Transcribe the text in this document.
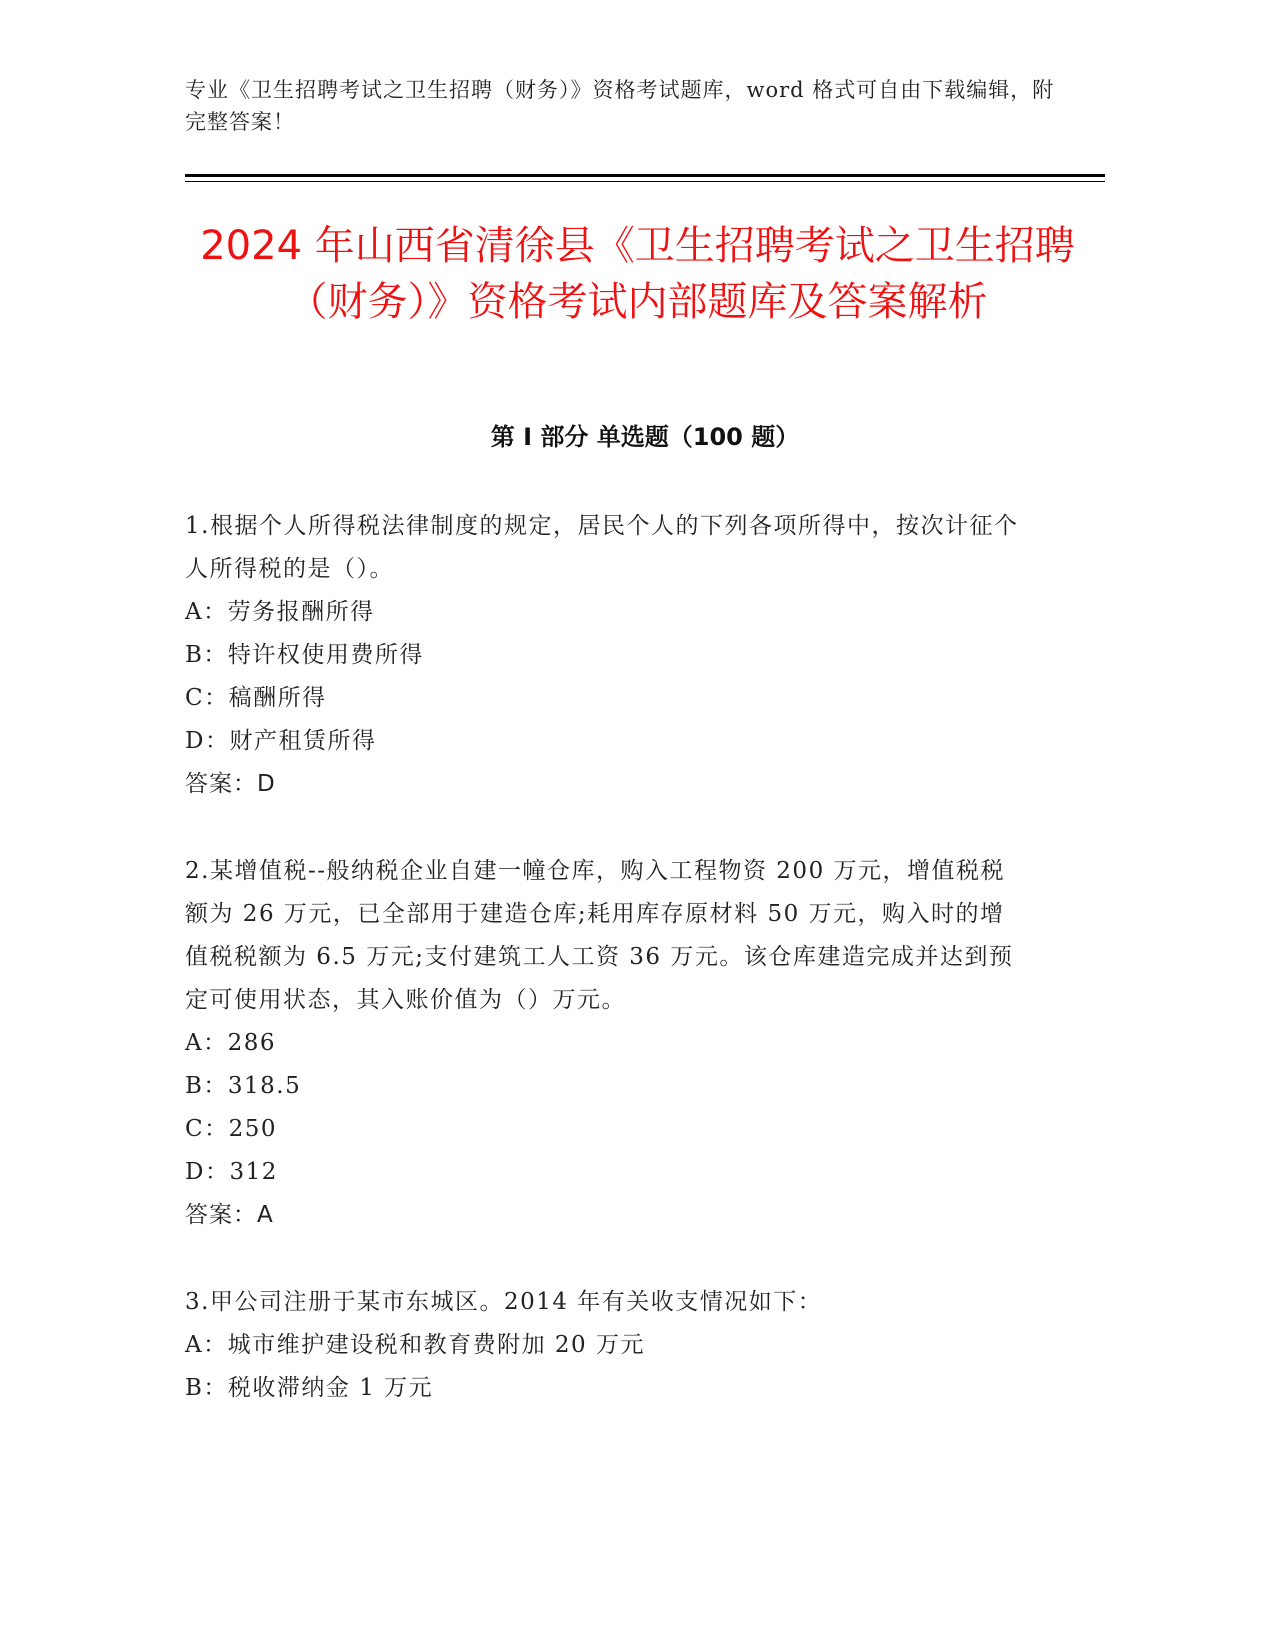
专业《卫生招聘考试之卫生招聘（财务）》资格考试题库，word 格式可自由下载编辑，附完整答案！
2024 年山西省清徐县《卫生招聘考试之卫生招聘（财务）》资格考试内部题库及答案解析
第 I 部分 单选题（100 题）

1.根据个人所得税法律制度的规定，居民个人的下列各项所得中，按次计征个人所得税的是（）。

A：劳务报酬所得

B：特许权使用费所得

C：稿酬所得

D：财产租赁所得

答案：D

2.某增值税--般纳税企业自建一幢仓库，购入工程物资 200 万元，增值税税额为 26 万元，已全部用于建造仓库;耗用库存原材料 50 万元，购入时的增值税税额为 6.5 万元;支付建筑工人工资 36 万元。该仓库建造完成并达到预定可使用状态，其入账价值为（）万元。

A：286

B：318.5

C：250

D：312

答案：A

3.甲公司注册于某市东城区。2014 年有关收支情况如下：

A：城市维护建设税和教育费附加 20 万元

B：税收滞纳金 1 万元
